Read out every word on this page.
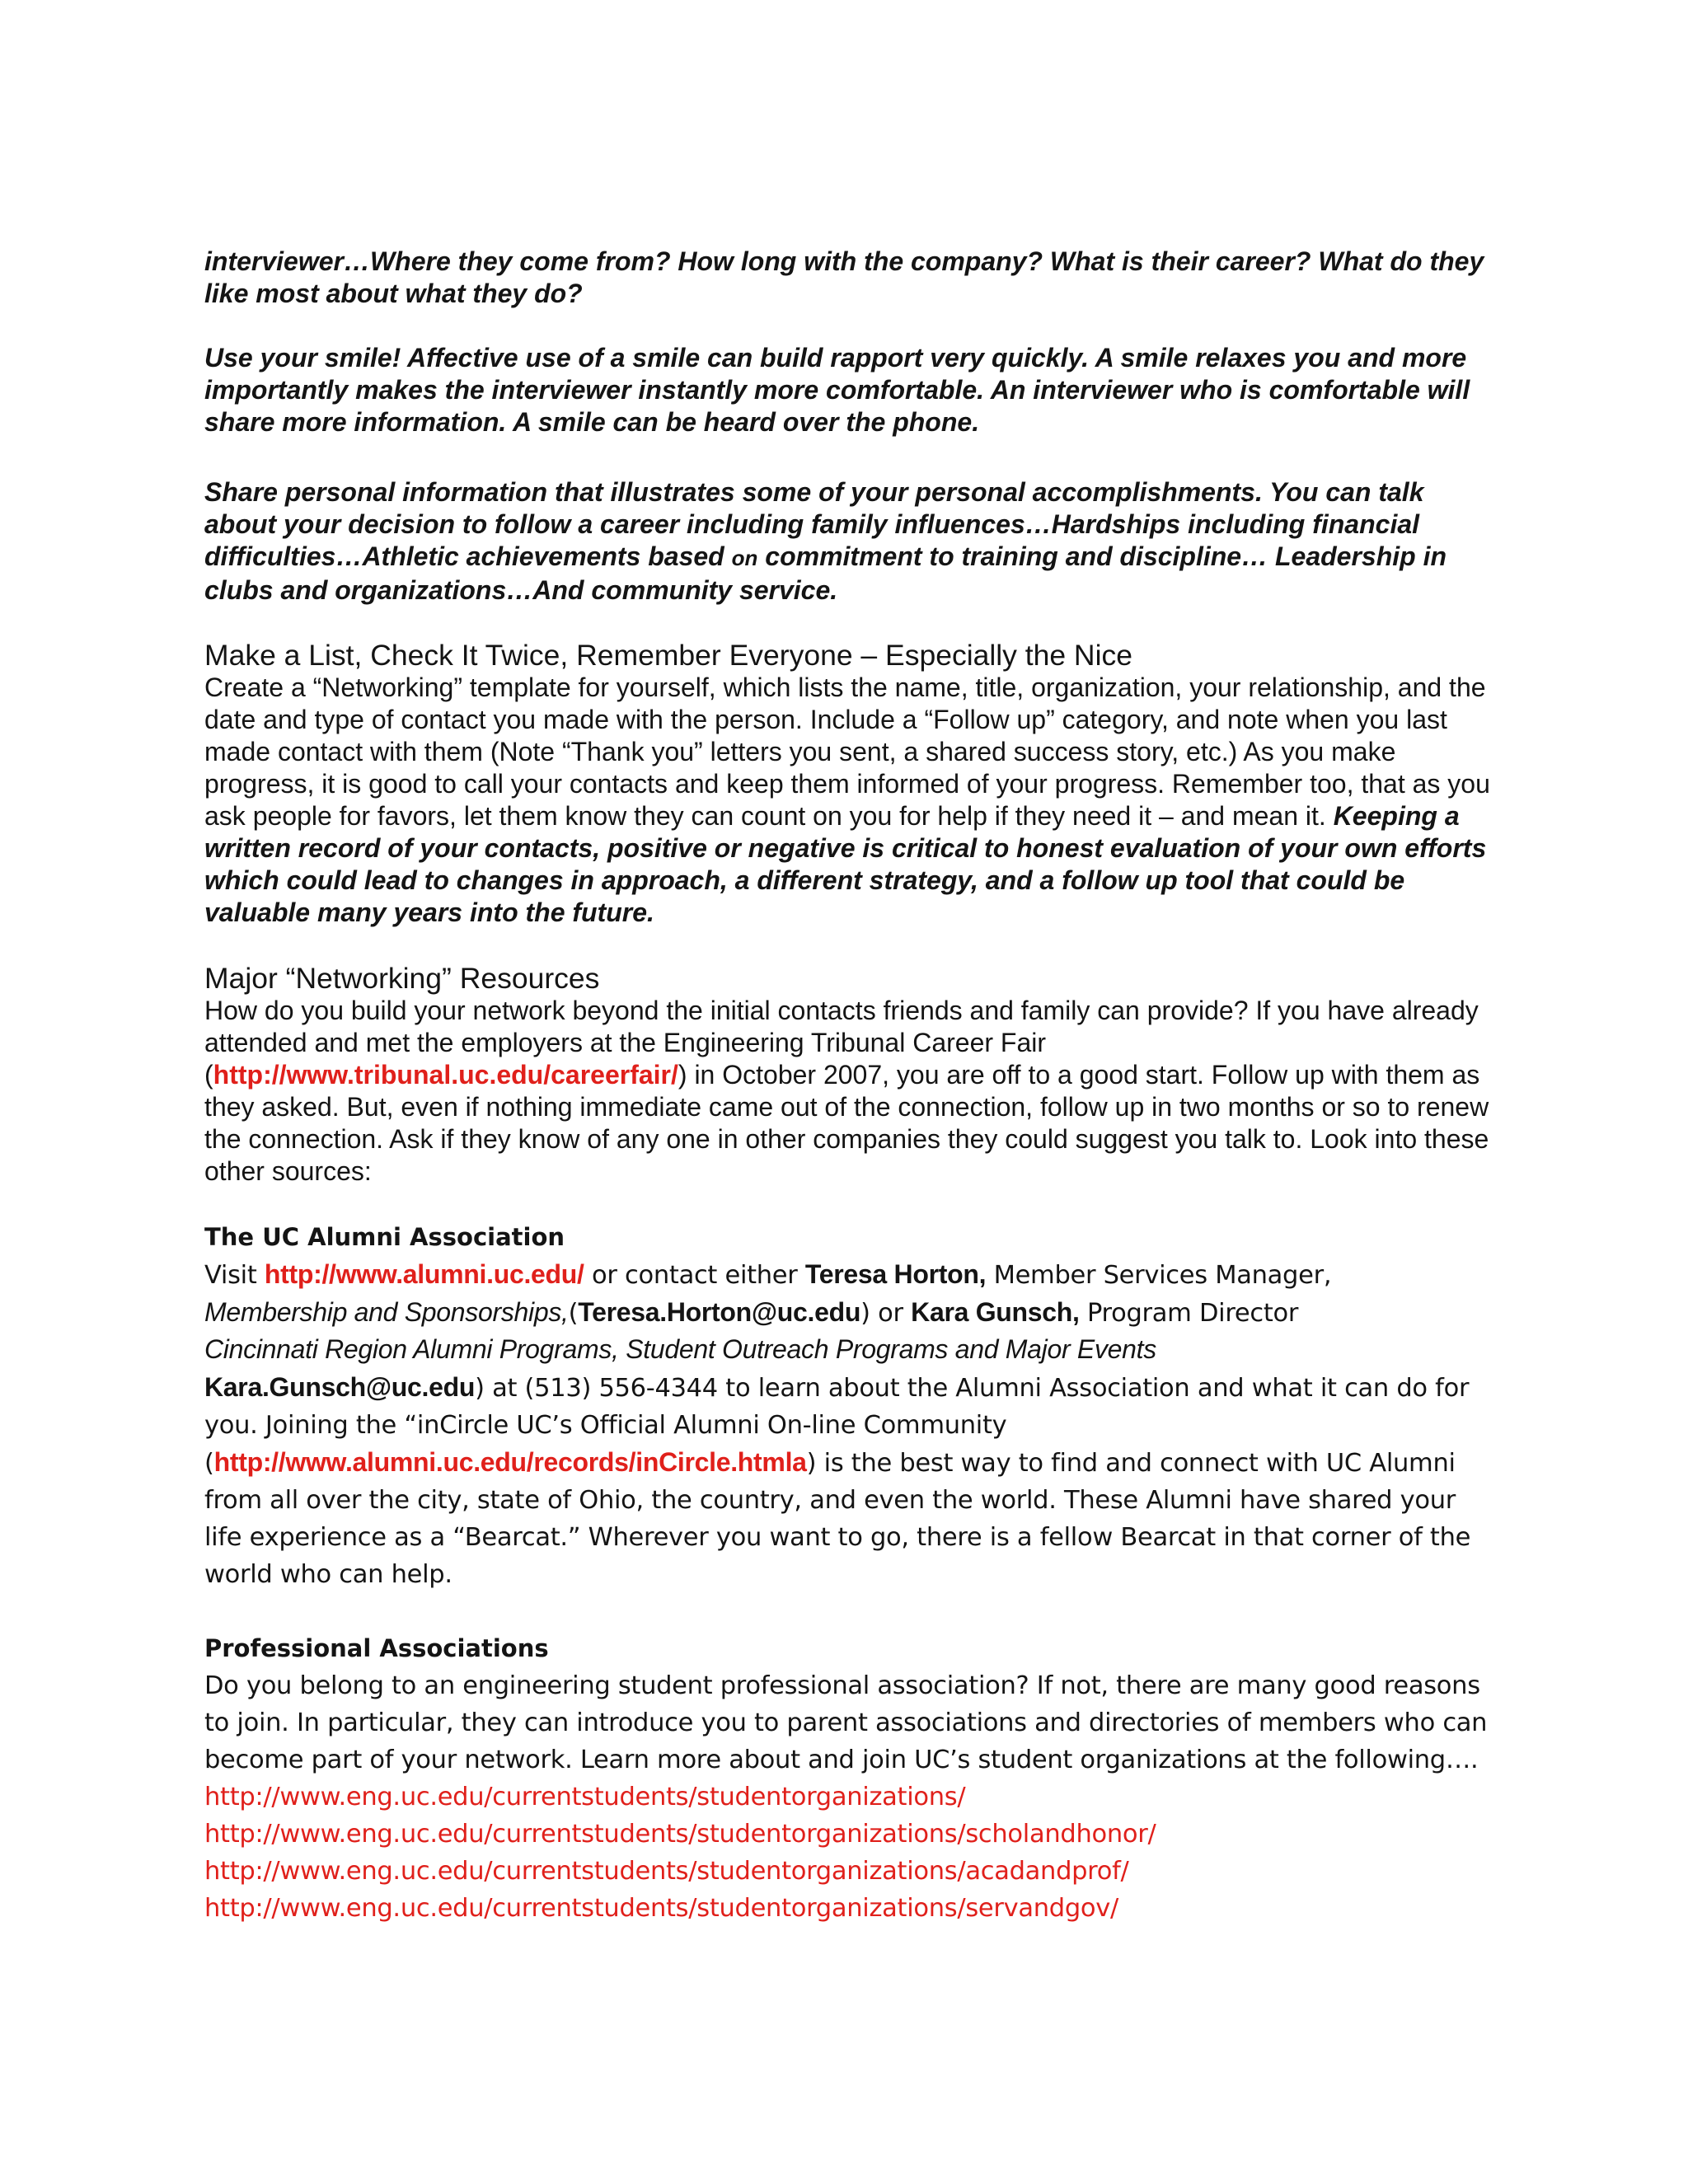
interviewer…Where they come from? How long with the company? What is their career? What do they like most about what they do?

Use your smile! Affective use of a smile can build rapport very quickly. A smile relaxes you and more importantly makes the interviewer instantly more comfortable. An interviewer who is comfortable will share more information. A smile can be heard over the phone.

Share personal information that illustrates some of your personal accomplishments. You can talk about your decision to follow a career including family influences…Hardships including financial difficulties…Athletic achievements based on commitment to training and discipline… Leadership in clubs and organizations…And community service.

Make a List, Check It Twice, Remember Everyone – Especially the Nice

Create a “Networking” template for yourself, which lists the name, title, organization, your relationship, and the date and type of contact you made with the person. Include a “Follow up” category, and note when you last made contact with them (Note “Thank you” letters you sent, a shared success story, etc.) As you make progress, it is good to call your contacts and keep them informed of your progress. Remember too, that as you ask people for favors, let them know they can count on you for help if they need it – and mean it. Keeping a written record of your contacts, positive or negative is critical to honest evaluation of your own efforts which could lead to changes in approach, a different strategy, and a follow up tool that could be valuable many years into the future.

Major “Networking” Resources

How do you build your network beyond the initial contacts friends and family can provide? If you have already attended and met the employers at the Engineering Tribunal Career Fair (http://www.tribunal.uc.edu/careerfair/) in October 2007, you are off to a good start. Follow up with them as they asked. But, even if nothing immediate came out of the connection, follow up in two months or so to renew the connection. Ask if they know of any one in other companies they could suggest you talk to. Look into these other sources:

The UC Alumni Association

Visit http://www.alumni.uc.edu/ or contact either Teresa Horton, Member Services Manager,
Membership and Sponsorships,(Teresa.Horton@uc.edu) or Kara Gunsch, Program Director
Cincinnati Region Alumni Programs, Student Outreach Programs and Major Events
Kara.Gunsch@uc.edu) at (513) 556-4344 to learn about the Alumni Association and what it can do for you. Joining the “inCircle UC’s Official Alumni On-line Community (http://www.alumni.uc.edu/records/inCircle.htmla) is the best way to find and connect with UC Alumni from all over the city, state of Ohio, the country, and even the world. These Alumni have shared your life experience as a “Bearcat.” Wherever you want to go, there is a fellow Bearcat in that corner of the world who can help.

Professional Associations

Do you belong to an engineering student professional association? If not, there are many good reasons to join. In particular, they can introduce you to parent associations and directories of members who can become part of your network. Learn more about and join UC’s student organizations at the following….

http://www.eng.uc.edu/currentstudents/studentorganizations/
http://www.eng.uc.edu/currentstudents/studentorganizations/scholandhonor/
http://www.eng.uc.edu/currentstudents/studentorganizations/acadandprof/
http://www.eng.uc.edu/currentstudents/studentorganizations/servandgov/
